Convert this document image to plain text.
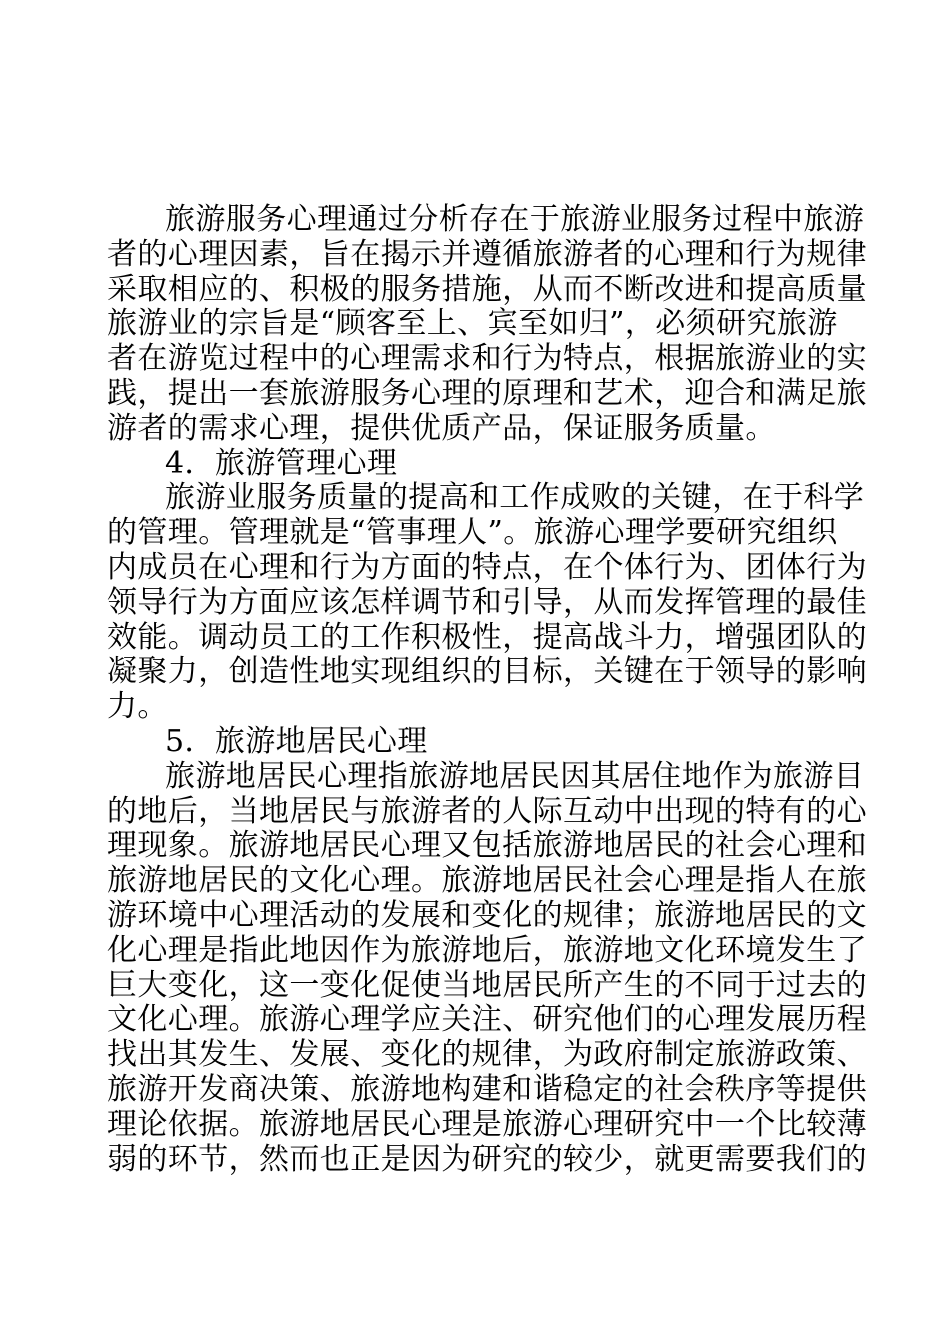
旅游服务心理通过分析存在于旅游业服务过程中旅游
者的心理因素，旨在揭示并遵循旅游者的心理和行为规律
采取相应的、积极的服务措施，从而不断改进和提高质量
旅游业的宗旨是“顾客至上、宾至如归”，必须研究旅游
者在游览过程中的心理需求和行为特点，根据旅游业的实
践，提出一套旅游服务心理的原理和艺术，迎合和满足旅
游者的需求心理，提供优质产品，保证服务质量。
4．旅游管理心理
旅游业服务质量的提高和工作成败的关键，在于科学
的管理。管理就是“管事理人”。旅游心理学要研究组织
内成员在心理和行为方面的特点，在个体行为、团体行为
领导行为方面应该怎样调节和引导，从而发挥管理的最佳
效能。调动员工的工作积极性，提高战斗力，增强团队的
凝聚力，创造性地实现组织的目标，关键在于领导的影响
力。
5．旅游地居民心理
旅游地居民心理指旅游地居民因其居住地作为旅游目
的地后，当地居民与旅游者的人际互动中出现的特有的心
理现象。旅游地居民心理又包括旅游地居民的社会心理和
旅游地居民的文化心理。旅游地居民社会心理是指人在旅
游环境中心理活动的发展和变化的规律；旅游地居民的文
化心理是指此地因作为旅游地后，旅游地文化环境发生了
巨大变化，这一变化促使当地居民所产生的不同于过去的
文化心理。旅游心理学应关注、研究他们的心理发展历程
找出其发生、发展、变化的规律，为政府制定旅游政策、
旅游开发商决策、旅游地构建和谐稳定的社会秩序等提供
理论依据。旅游地居民心理是旅游心理研究中一个比较薄
弱的环节，然而也正是因为研究的较少，就更需要我们的
